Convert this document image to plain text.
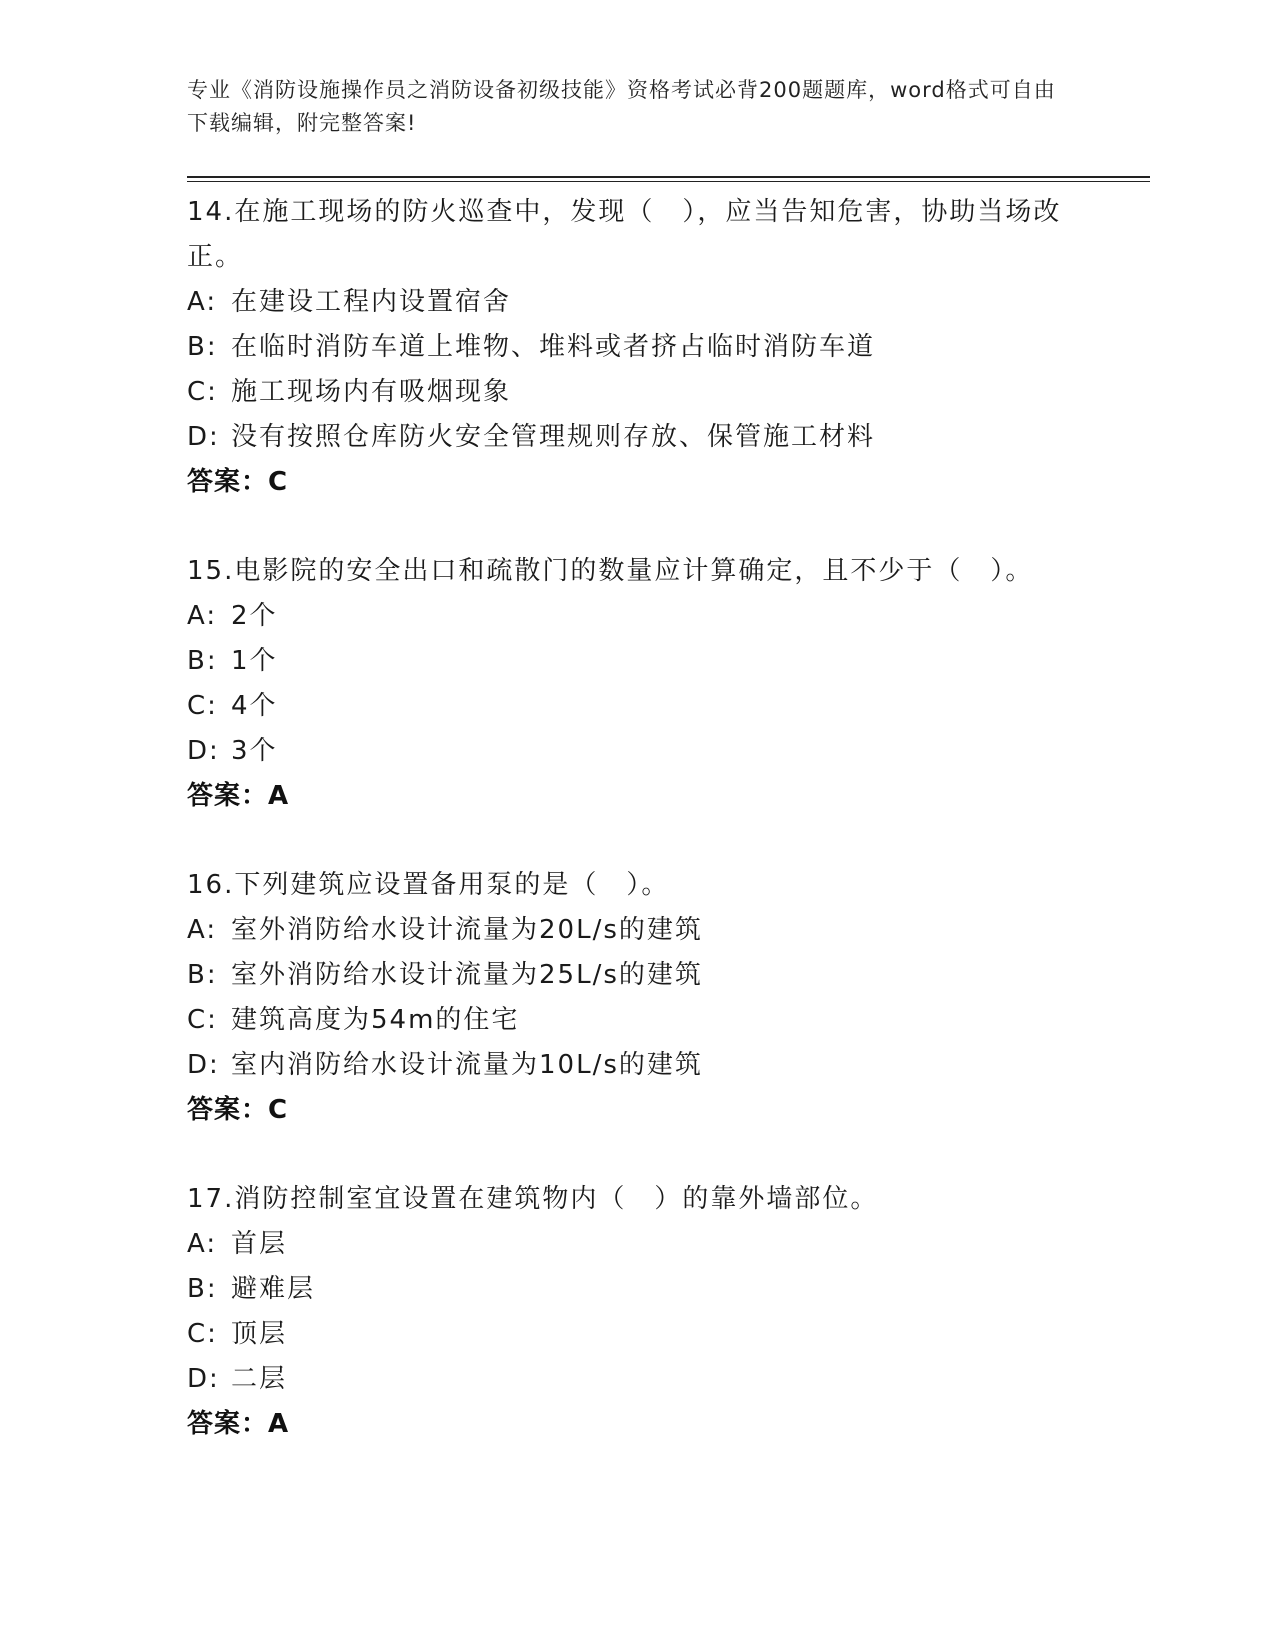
专业《消防设施操作员之消防设备初级技能》资格考试必背200题题库，word格式可自由下载编辑，附完整答案!
14.在施工现场的防火巡查中，发现（　），应当告知危害，协助当场改正。
A: 在建设工程内设置宿舍
B: 在临时消防车道上堆物、堆料或者挤占临时消防车道
C: 施工现场内有吸烟现象
D: 没有按照仓库防火安全管理规则存放、保管施工材料
答案：C
15.电影院的安全出口和疏散门的数量应计算确定，且不少于（　）。
A: 2个
B: 1个
C: 4个
D: 3个
答案：A
16.下列建筑应设置备用泵的是（　）。
A: 室外消防给水设计流量为20L/s的建筑
B: 室外消防给水设计流量为25L/s的建筑
C: 建筑高度为54m的住宅
D: 室内消防给水设计流量为10L/s的建筑
答案：C
17.消防控制室宜设置在建筑物内（　）的靠外墙部位。
A: 首层
B: 避难层
C: 顶层
D: 二层
答案：A
